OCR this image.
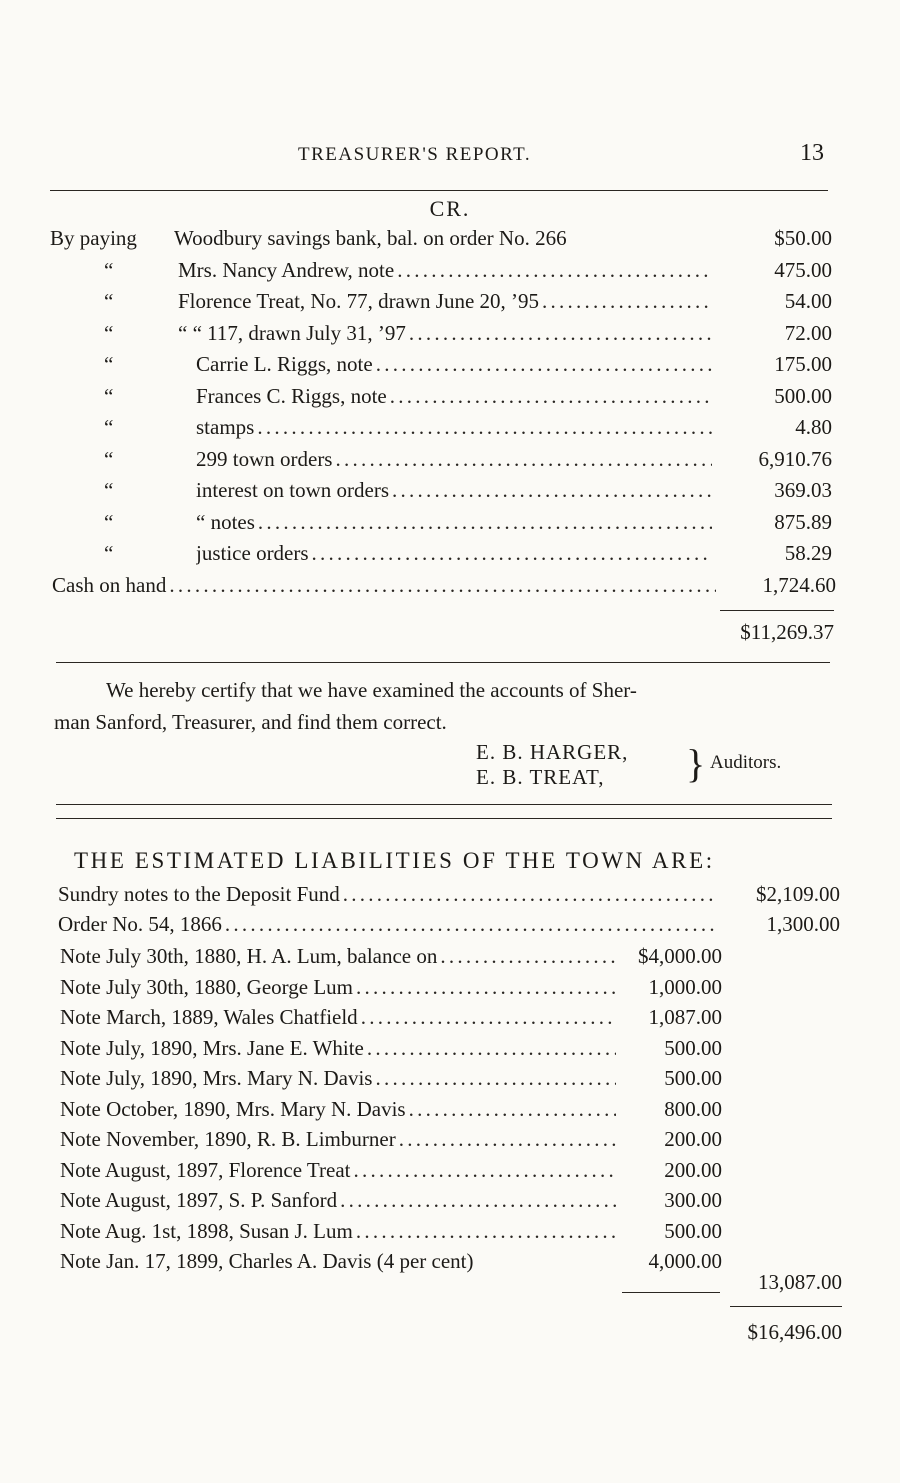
TREASURER'S REPORT.	13
CR.
By paying Woodbury savings bank, bal. on order No. 266	$50.00
“	Mrs. Nancy Andrew, note . . .	475.00
“	Florence Treat, No. 77, drawn June 20, ’95 . . .	54.00
“	“ “ 117, drawn July 31, ’97 . . .	72.00
“	Carrie L. Riggs, note . . .	175.00
“	Frances C. Riggs, note . . .	500.00
“	stamps . . .	4.80
“	299 town orders . . .	6,910.76
“	interest on town orders . . .	369.03
“	“ notes . . .	875.89
“	justice orders . . .	58.29
Cash on hand . . .	1,724.60
$11,269.37
We hereby certify that we have examined the accounts of Sher-
man Sanford, Treasurer, and find them correct.
E. B. HARGER,
E. B. TREAT, } Auditors.
THE ESTIMATED LIABILITIES OF THE TOWN ARE:
Sundry notes to the Deposit Fund . . .	$2,109.00
Order No. 54, 1866 . . .	1,300.00
Note July 30th, 1880, H. A. Lum, balance on . . .	$4,000.00
Note July 30th, 1880, George Lum . . .	1,000.00
Note March, 1889, Wales Chatfield . . .	1,087.00
Note July, 1890, Mrs. Jane E. White . . .	500.00
Note July, 1890, Mrs. Mary N. Davis . . .	500.00
Note October, 1890, Mrs. Mary N. Davis . . .	800.00
Note November, 1890, R. B. Limburner . . .	200.00
Note August, 1897, Florence Treat . . .	200.00
Note August, 1897, S. P. Sanford . . .	300.00
Note Aug. 1st, 1898, Susan J. Lum . . .	500.00
Note Jan. 17, 1899, Charles A. Davis (4 per cent)	4,000.00
13,087.00
$16,496.00
